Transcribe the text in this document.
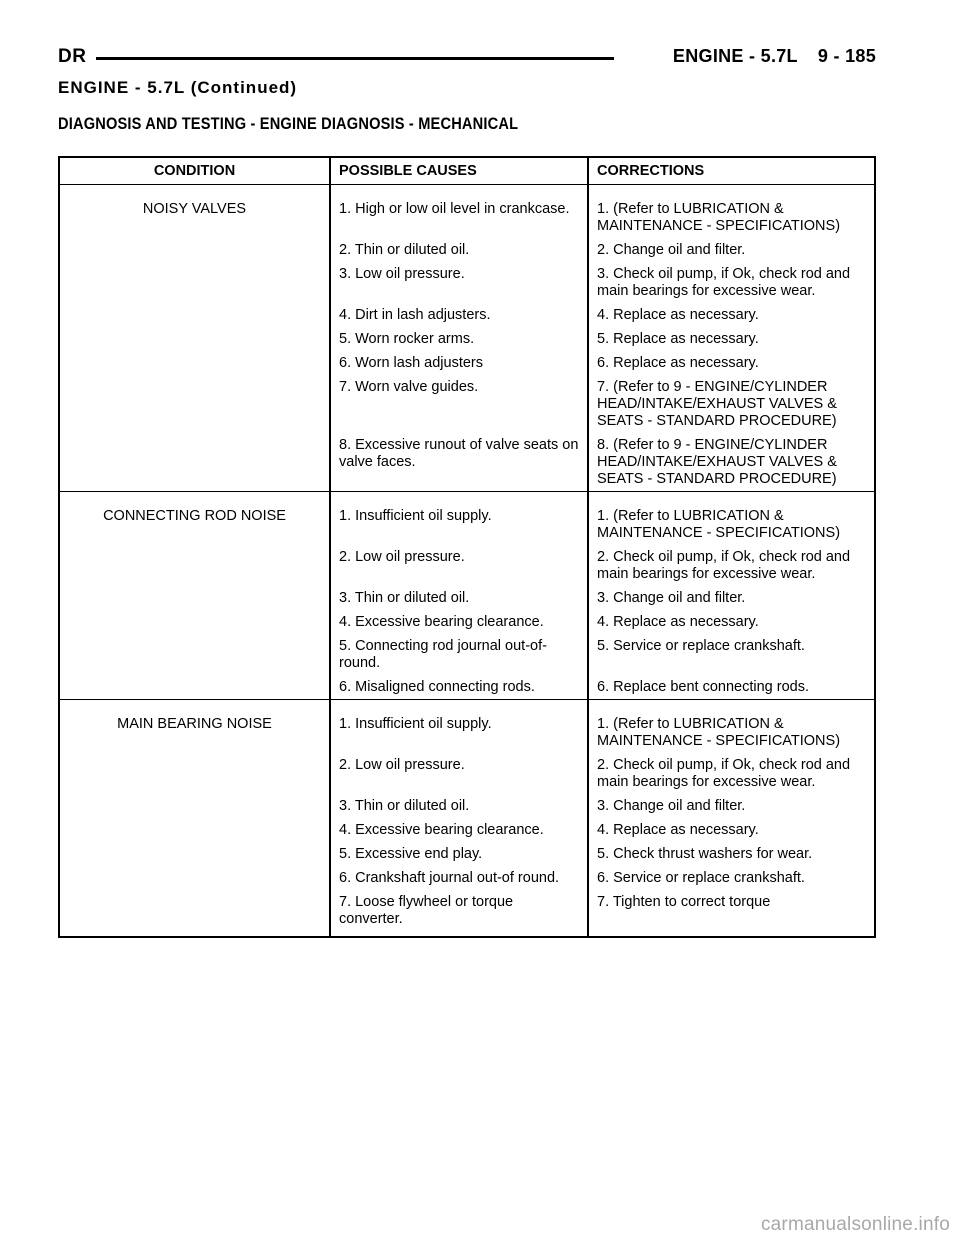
DR	ENGINE - 5.7L 9 - 185
ENGINE - 5.7L (Continued)
DIAGNOSIS AND TESTING - ENGINE DIAGNOSIS - MECHANICAL
CONDITION	POSSIBLE CAUSES	CORRECTIONS
NOISY VALVES	1. High or low oil level in crankcase.	1. (Refer to LUBRICATION & MAINTENANCE - SPECIFICATIONS)
	2. Thin or diluted oil.	2. Change oil and filter.
	3. Low oil pressure.	3. Check oil pump, if Ok, check rod and main bearings for excessive wear.
	4. Dirt in lash adjusters.	4. Replace as necessary.
	5. Worn rocker arms.	5. Replace as necessary.
	6. Worn lash adjusters	6. Replace as necessary.
	7. Worn valve guides.	7. (Refer to 9 - ENGINE/CYLINDER HEAD/INTAKE/EXHAUST VALVES & SEATS - STANDARD PROCEDURE)
	8. Excessive runout of valve seats on valve faces.	8. (Refer to 9 - ENGINE/CYLINDER HEAD/INTAKE/EXHAUST VALVES & SEATS - STANDARD PROCEDURE)
CONNECTING ROD NOISE	1. Insufficient oil supply.	1. (Refer to LUBRICATION & MAINTENANCE - SPECIFICATIONS)
	2. Low oil pressure.	2. Check oil pump, if Ok, check rod and main bearings for excessive wear.
	3. Thin or diluted oil.	3. Change oil and filter.
	4. Excessive bearing clearance.	4. Replace as necessary.
	5. Connecting rod journal out-of-round.	5. Service or replace crankshaft.
	6. Misaligned connecting rods.	6. Replace bent connecting rods.
MAIN BEARING NOISE	1. Insufficient oil supply.	1. (Refer to LUBRICATION & MAINTENANCE - SPECIFICATIONS)
	2. Low oil pressure.	2. Check oil pump, if Ok, check rod and main bearings for excessive wear.
	3. Thin or diluted oil.	3. Change oil and filter.
	4. Excessive bearing clearance.	4. Replace as necessary.
	5. Excessive end play.	5. Check thrust washers for wear.
	6. Crankshaft journal out-of round.	6. Service or replace crankshaft.
	7. Loose flywheel or torque converter.	7. Tighten to correct torque
carmanualsonline.info
